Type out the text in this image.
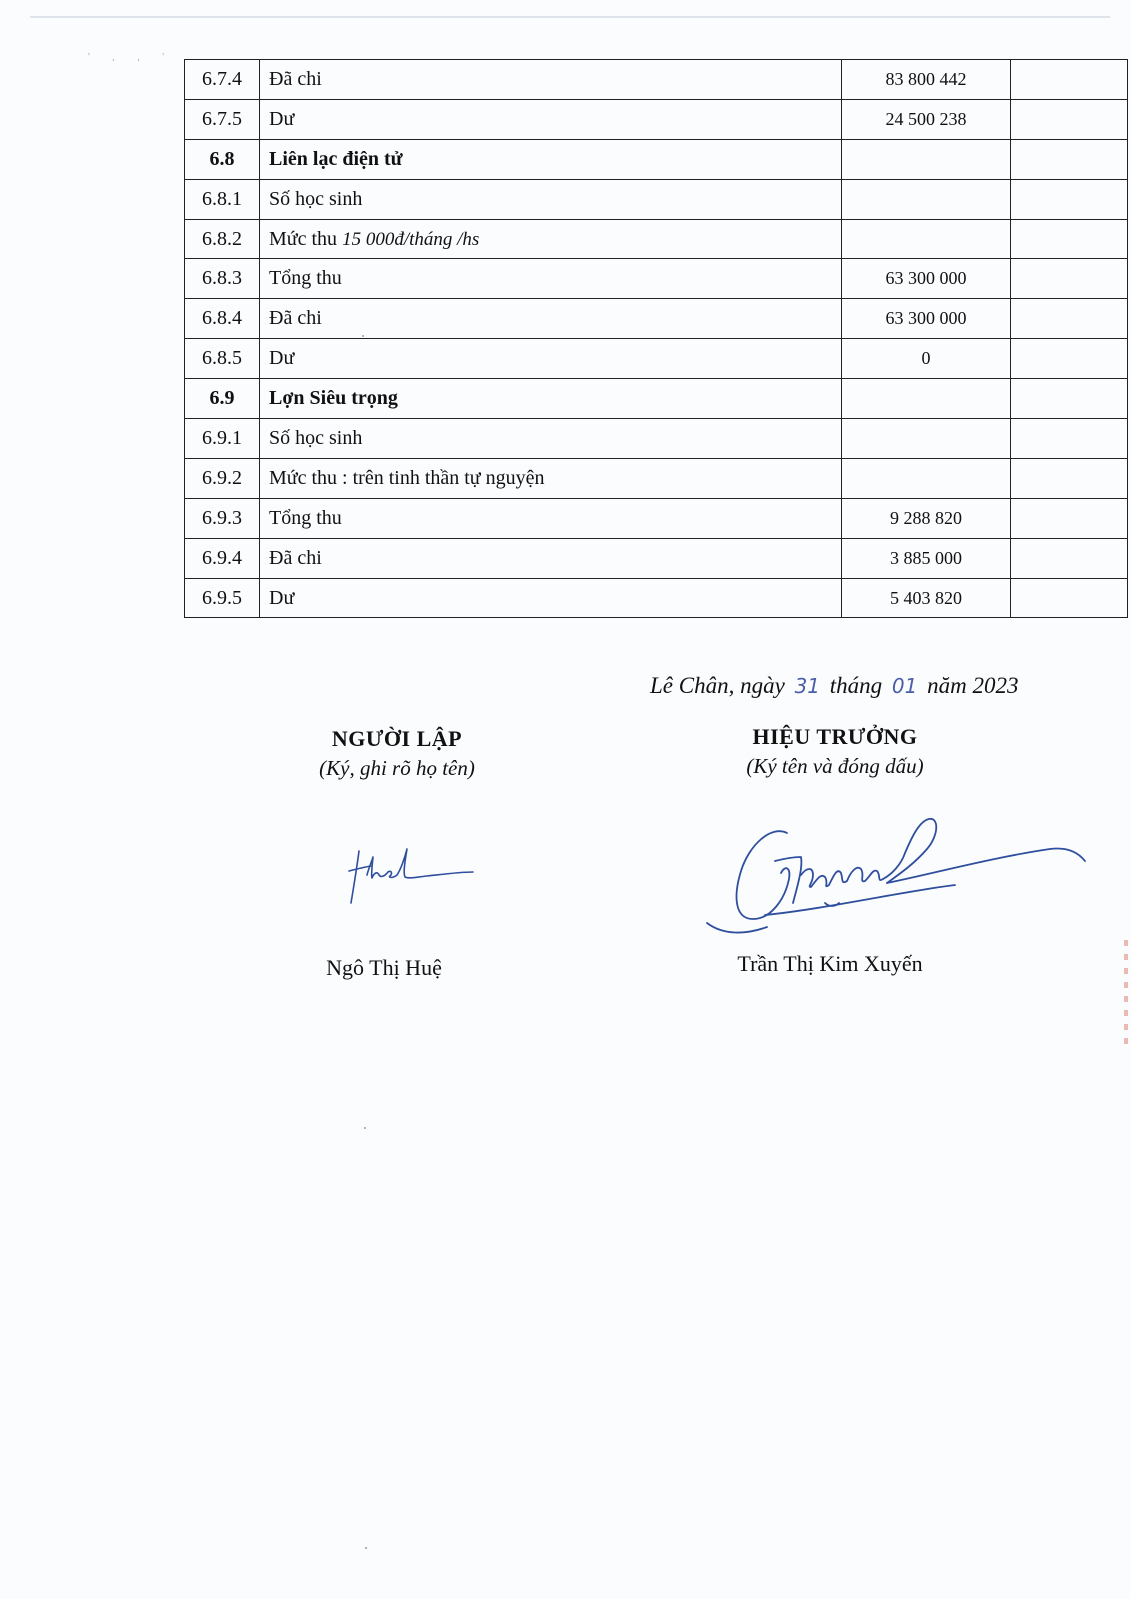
' , , '
6.7.4	Đã chi	83 800 442	
6.7.5	Dư	24 500 238	
6.8	Liên lạc điện tử		
6.8.1	Số học sinh		
6.8.2	Mức thu 15 000đ/tháng /hs		
6.8.3	Tổng thu	63 300 000	
6.8.4	Đã chi	63 300 000	
6.8.5	Dư	0	
6.9	Lợn Siêu trọng		
6.9.1	Số học sinh		
6.9.2	Mức thu : trên tinh thần tự nguyện		
6.9.3	Tổng thu	9 288 820	
6.9.4	Đã chi	3 885 000	
6.9.5	Dư	5 403 820	
Lê Chân, ngày 31 tháng 01 năm 2023
NGƯỜI LẬP
(Ký, ghi rõ họ tên)
Ngô Thị Huệ
HIỆU TRƯỞNG
(Ký tên và đóng dấu)
Trần Thị Kim Xuyến
